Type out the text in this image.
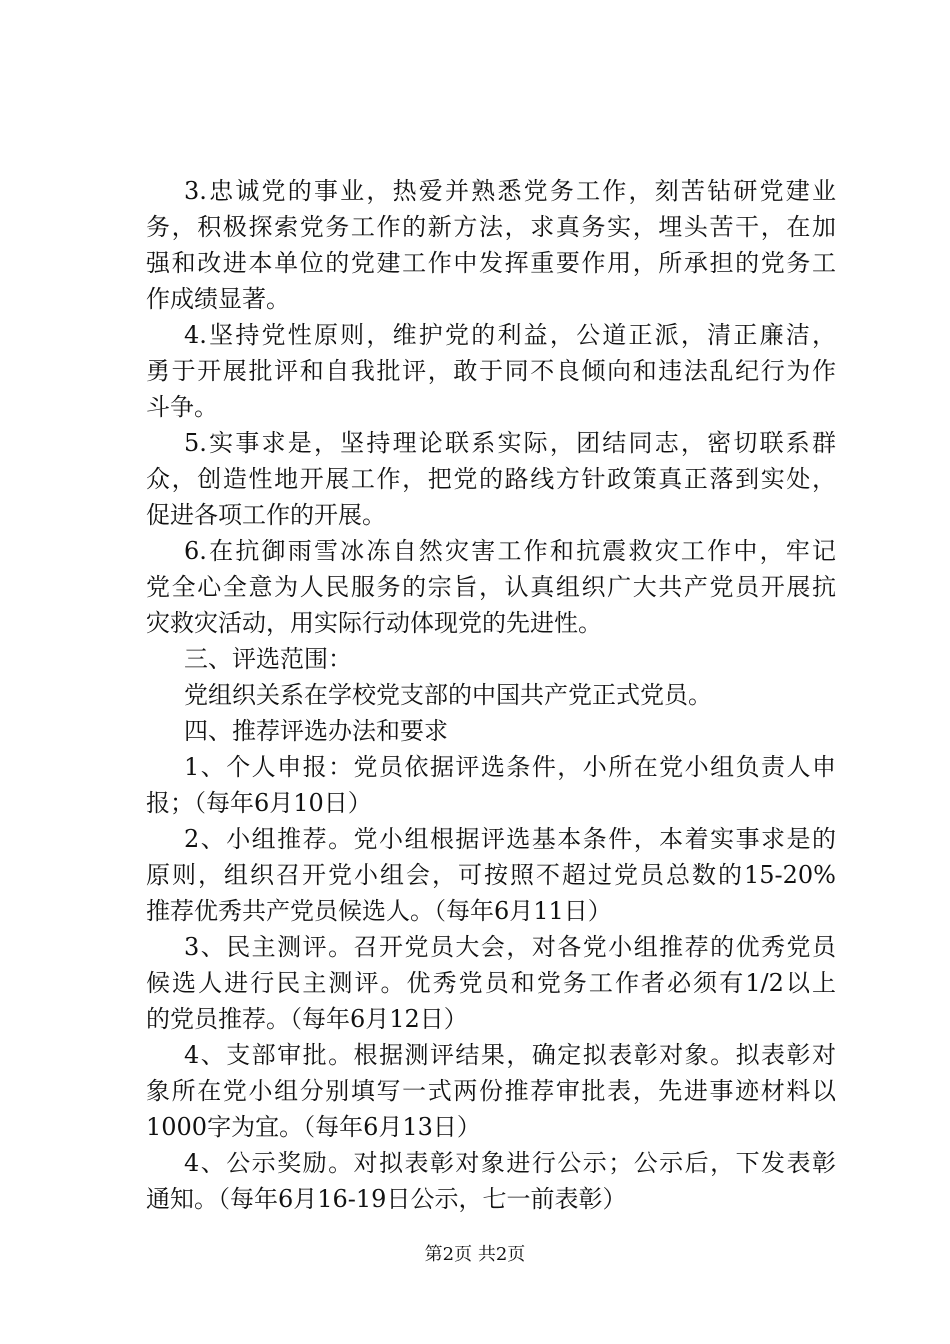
3.忠诚党的事业，热爱并熟悉党务工作，刻苦钻研党建业
务，积极探索党务工作的新方法，求真务实，埋头苦干，在加
强和改进本单位的党建工作中发挥重要作用，所承担的党务工
作成绩显著。
4.坚持党性原则，维护党的利益，公道正派，清正廉洁，
勇于开展批评和自我批评，敢于同不良倾向和违法乱纪行为作
斗争。
5.实事求是，坚持理论联系实际，团结同志，密切联系群
众，创造性地开展工作，把党的路线方针政策真正落到实处，
促进各项工作的开展。
6.在抗御雨雪冰冻自然灾害工作和抗震救灾工作中，牢记
党全心全意为人民服务的宗旨，认真组织广大共产党员开展抗
灾救灾活动，用实际行动体现党的先进性。
三、评选范围：
党组织关系在学校党支部的中国共产党正式党员。
四、推荐评选办法和要求
1、个人申报：党员依据评选条件，小所在党小组负责人申
报；（每年6月10日）
2、小组推荐。党小组根据评选基本条件，本着实事求是的
原则，组织召开党小组会，可按照不超过党员总数的15-20%
推荐优秀共产党员候选人。（每年6月11日）
3、民主测评。召开党员大会，对各党小组推荐的优秀党员
候选人进行民主测评。优秀党员和党务工作者必须有1/2以上
的党员推荐。（每年6月12日）
4、支部审批。根据测评结果，确定拟表彰对象。拟表彰对
象所在党小组分别填写一式两份推荐审批表，先进事迹材料以
1000字为宜。（每年6月13日）
4、公示奖励。对拟表彰对象进行公示；公示后，下发表彰
通知。（每年6月16-19日公示，七一前表彰）
第2页 共2页
